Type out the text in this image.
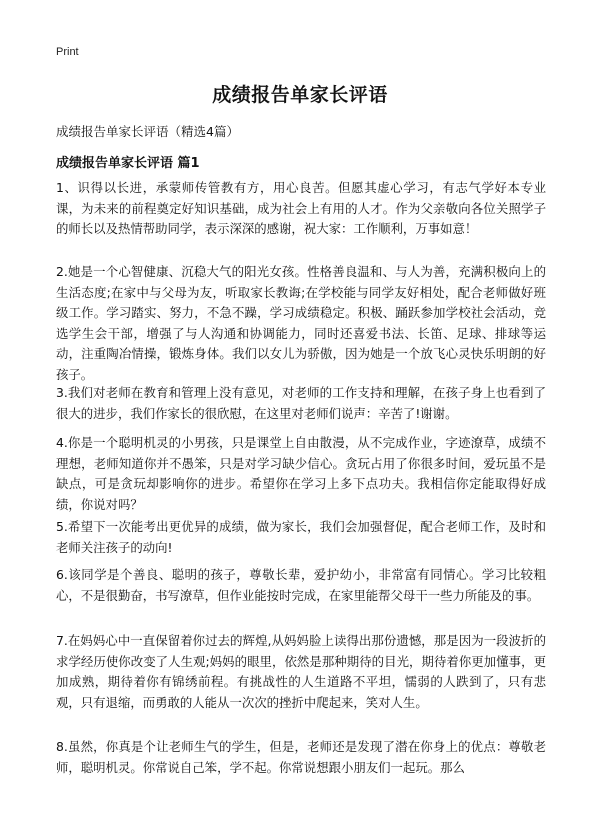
Print
成绩报告单家长评语
成绩报告单家长评语（精选4篇）
成绩报告单家长评语 篇1

1、识得以长进，承蒙师传管教有方，用心良苦。但愿其虚心学习，有志气学好本专业课，为未来的前程奠定好知识基础，成为社会上有用的人才。作为父亲敬向各位关照学子的师长以及热情帮助同学，表示深深的感谢，祝大家：工作顺利，万事如意！

2.她是一个心智健康、沉稳大气的阳光女孩。性格善良温和、与人为善，充满积极向上的生活态度;在家中与父母为友，听取家长教诲;在学校能与同学友好相处，配合老师做好班级工作。学习踏实、努力，不急不躁，学习成绩稳定。积极、踊跃参加学校社会活动，竞选学生会干部，增强了与人沟通和协调能力，同时还喜爱书法、长笛、足球、排球等运动，注重陶冶情操，锻炼身体。我们以女儿为骄傲，因为她是一个放飞心灵快乐明朗的好孩子。

3.我们对老师在教育和管理上没有意见，对老师的工作支持和理解，在孩子身上也看到了很大的进步，我们作家长的很欣慰，在这里对老师们说声：辛苦了!谢谢。

4.你是一个聪明机灵的小男孩，只是课堂上自由散漫，从不完成作业，字迹潦草，成绩不理想，老师知道你并不愚笨，只是对学习缺少信心。贪玩占用了你很多时间，爱玩虽不是缺点，可是贪玩却影响你的进步。希望你在学习上多下点功夫。我相信你定能取得好成绩，你说对吗？

5.希望下一次能考出更优异的成绩，做为家长，我们会加强督促，配合老师工作，及时和老师关注孩子的动向!

6.该同学是个善良、聪明的孩子，尊敬长辈，爱护幼小，非常富有同情心。学习比较粗心，不是很勤奋，书写潦草，但作业能按时完成，在家里能帮父母干一些力所能及的事。

7.在妈妈心中一直保留着你过去的辉煌,从妈妈脸上读得出那份遗憾，那是因为一段波折的求学经历使你改变了人生观;妈妈的眼里，依然是那种期待的目光，期待着你更加懂事，更加成熟，期待着你有锦绣前程。有挑战性的人生道路不平坦，懦弱的人跌到了，只有悲观，只有退缩，而勇敢的人能从一次次的挫折中爬起来，笑对人生。

8.虽然，你真是个让老师生气的学生，但是，老师还是发现了潜在你身上的优点：尊敬老师，聪明机灵。你常说自己笨，学不起。你常说想跟小朋友们一起玩。那么
